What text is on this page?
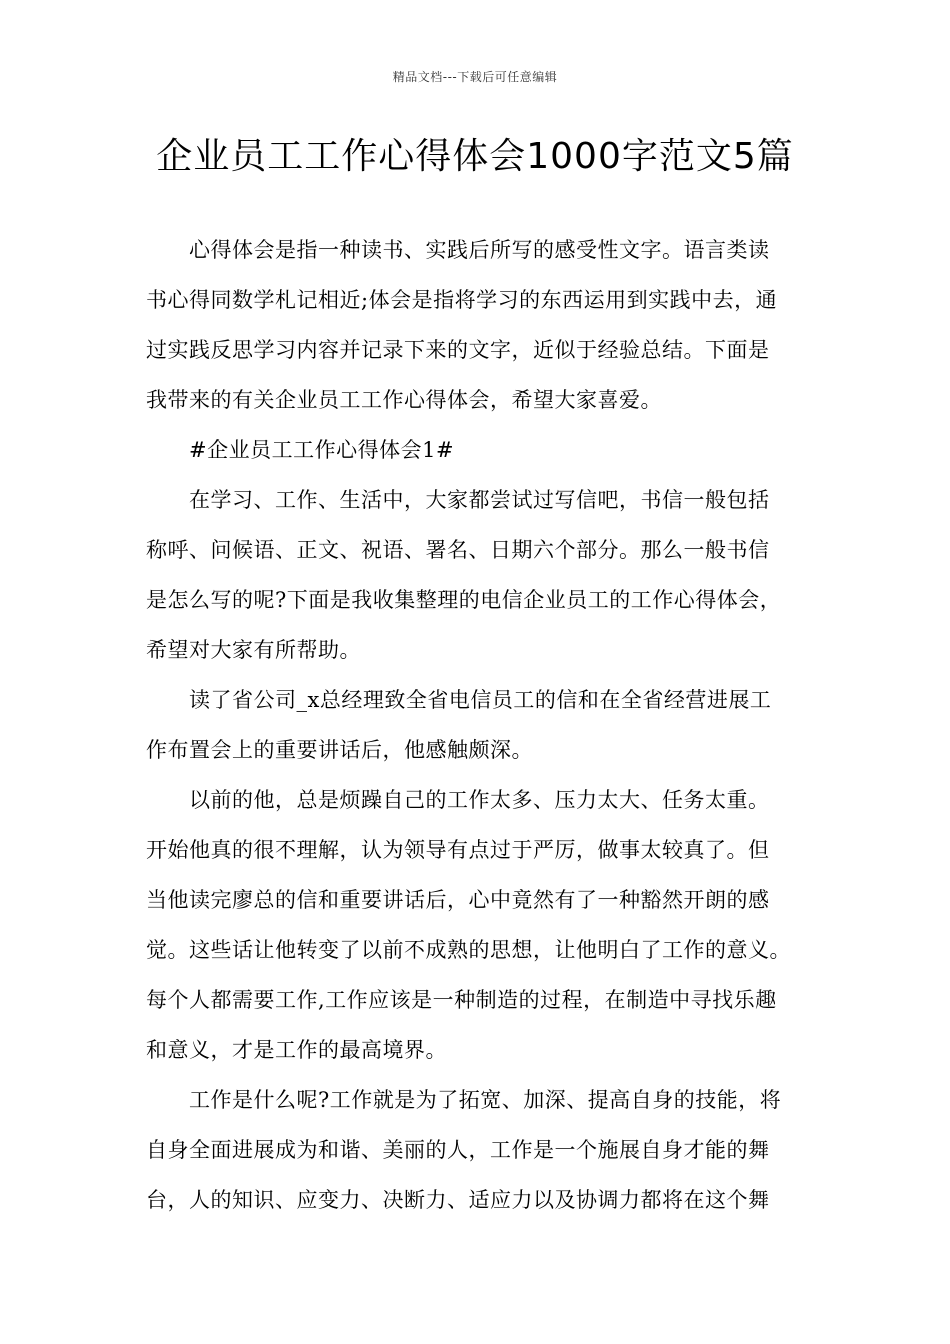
精品文档---下载后可任意编辑
企业员工工作心得体会1000字范文5篇
心得体会是指一种读书、实践后所写的感受性文字。语言类读
书心得同数学札记相近;体会是指将学习的东西运用到实践中去，通
过实践反思学习内容并记录下来的文字，近似于经验总结。下面是
我带来的有关企业员工工作心得体会，希望大家喜爱。
#企业员工工作心得体会1#
在学习、工作、生活中，大家都尝试过写信吧，书信一般包括
称呼、问候语、正文、祝语、署名、日期六个部分。那么一般书信
是怎么写的呢?下面是我收集整理的电信企业员工的工作心得体会，
希望对大家有所帮助。
读了省公司_x总经理致全省电信员工的信和在全省经营进展工
作布置会上的重要讲话后，他感触颇深。
以前的他，总是烦躁自己的工作太多、压力太大、任务太重。
开始他真的很不理解，认为领导有点过于严厉，做事太较真了。但
当他读完廖总的信和重要讲话后，心中竟然有了一种豁然开朗的感
觉。这些话让他转变了以前不成熟的思想，让他明白了工作的意义。
每个人都需要工作,工作应该是一种制造的过程，在制造中寻找乐趣
和意义，才是工作的最高境界。
工作是什么呢?工作就是为了拓宽、加深、提高自身的技能，将
自身全面进展成为和谐、美丽的人，工作是一个施展自身才能的舞
台，人的知识、应变力、决断力、适应力以及协调力都将在这个舞
